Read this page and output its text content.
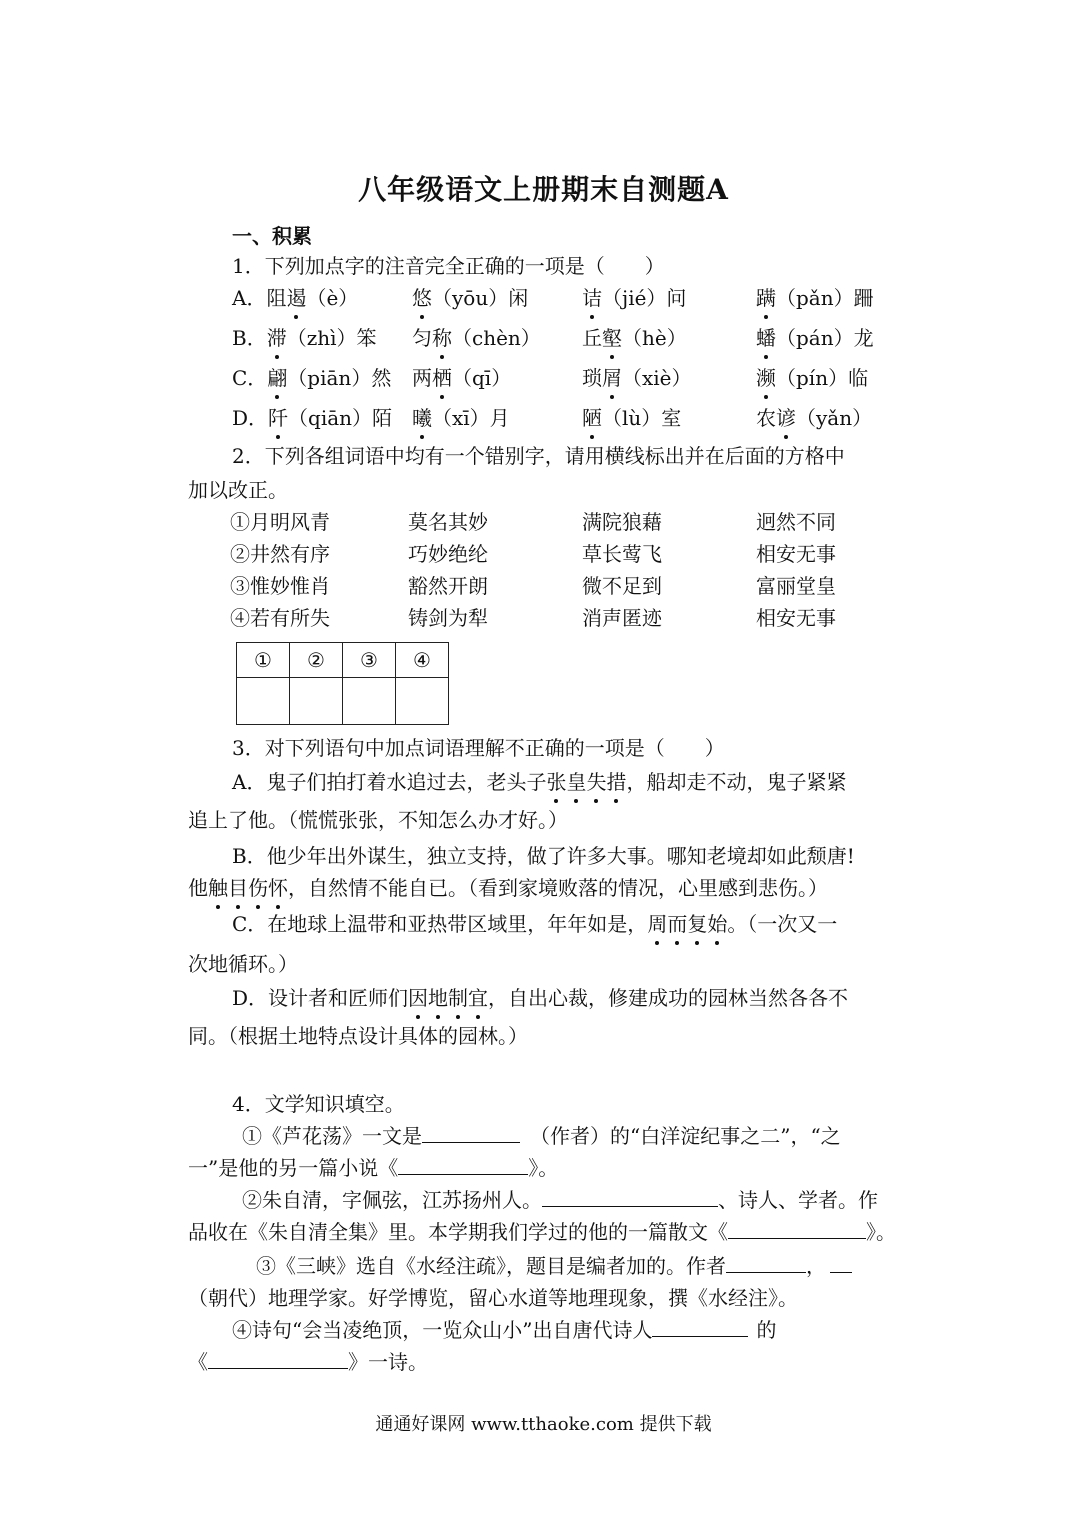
八年级语文上册期末自测题A
一、积累
1．下列加点字的注音完全正确的一项是（　　）
A．阻遏（è）	悠（yōu）闲	诘（jié）问	蹒（pǎn）跚
B．滞（zhì）笨 匀称（chèn） 丘壑（hè）	蟠（pán）龙
C．翩（piān）然 两栖（qī）	琐屑（xiè）	濒（pín）临
D．阡（qiān）陌 曦（xī）月	陋（lù）室	农谚（yǎn）
2．下列各组词语中均有一个错别字，请用横线标出并在后面的方格中
加以改正。
①月明风青	莫名其妙	满院狼藉	迥然不同
②井然有序	巧妙绝纶	草长莺飞	相安无事
③惟妙惟肖	豁然开朗	微不足到	富丽堂皇
④若有所失	铸剑为犁	消声匿迹	相安无事
①	②	③	④

3．对下列语句中加点词语理解不正确的一项是（　　）
A．鬼子们拍打着水追过去，老头子张皇失措，船却走不动，鬼子紧紧
追上了他。（慌慌张张，不知怎么办才好。）
B．他少年出外谋生，独立支持，做了许多大事。哪知老境却如此颓唐!
他触目伤怀，自然情不能自已。（看到家境败落的情况，心里感到悲伤。）
C．在地球上温带和亚热带区域里，年年如是，周而复始。（一次又一
次地循环。）
D．设计者和匠师们因地制宜，自出心裁，修建成功的园林当然各各不
同。（根据土地特点设计具体的园林。）
4．文学知识填空。
①《芦花荡》一文是	（作者）的“白洋淀纪事之二”，“之
一”是他的另一篇小说《	》。
②朱自清，字佩弦，江苏扬州人。	、诗人、学者。作
品收在《朱自清全集》里。本学期我们学过的他的一篇散文《	》。
③《三峡》选自《水经注疏》，题目是编者加的。作者	，
（朝代）地理学家。好学博览，留心水道等地理现象，撰《水经注》。
④诗句“会当凌绝顶，一览众山小”出自唐代诗人	的
《	》一诗。
通通好课网 www.tthaoke.com 提供下载
